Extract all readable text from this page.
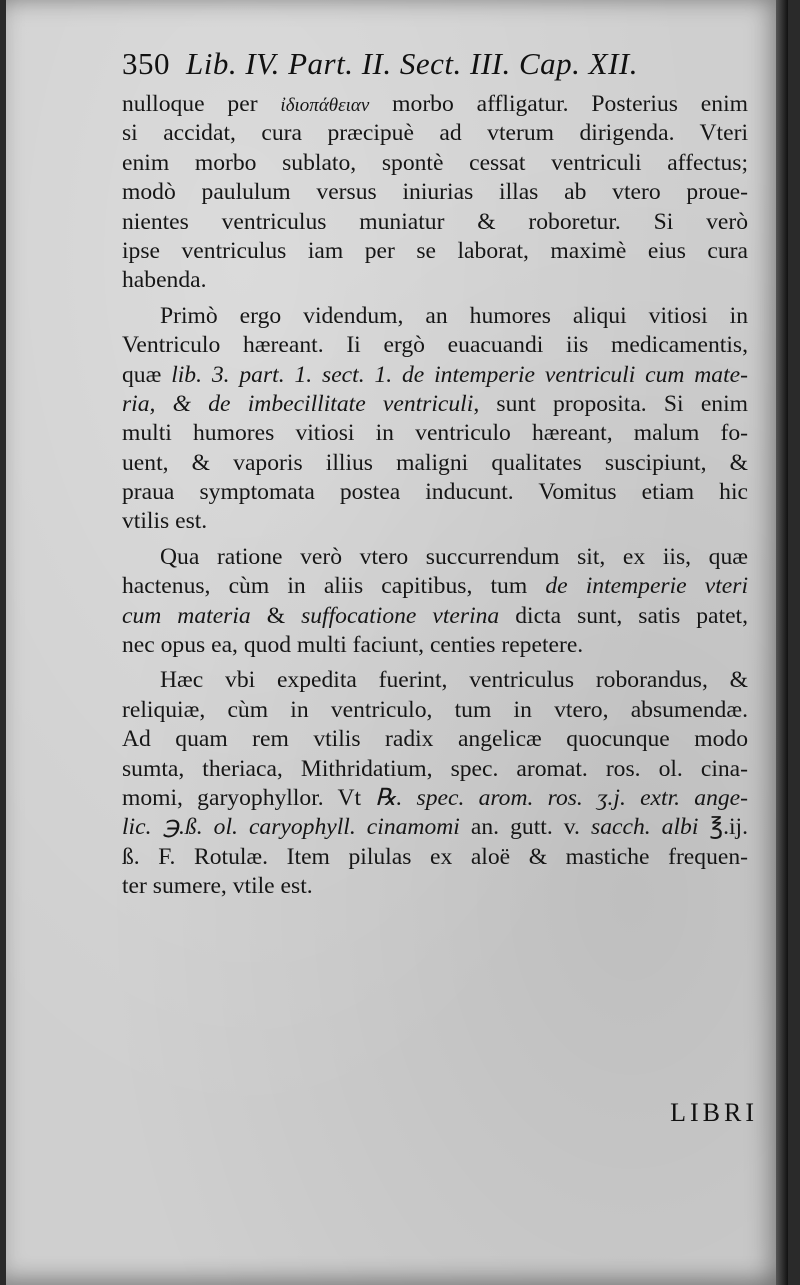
350 Lib. IV. Part. II. Sect. III. Cap. XII.
nulloque per ἰδιοπάθειαν morbo affligatur. Posterius enim
si accidat, cura præcipuè ad vterum dirigenda. Vteri
enim morbo sublato, spontè cessat ventriculi affectus;
modò paululum versus iniurias illas ab vtero proue-
nientes ventriculus muniatur & roboretur. Si verò
ipse ventriculus iam per se laborat, maximè eius cura
habenda.
Primò ergo videndum, an humores aliqui vitiosi in
Ventriculo hæreant. Ii ergò euacuandi iis medicamentis,
quæ lib. 3. part. 1. sect. 1. de intemperie ventriculi cum mate-
ria, & de imbecillitate ventriculi, sunt proposita. Si enim
multi humores vitiosi in ventriculo hæreant, malum fo-
uent, & vaporis illius maligni qualitates suscipiunt, &
praua symptomata postea inducunt. Vomitus etiam hic
vtilis est.
Qua ratione verò vtero succurrendum sit, ex iis, quæ
hactenus, cùm in aliis capitibus, tum de intemperie vteri
cum materia & suffocatione vterina dicta sunt, satis patet,
nec opus ea, quod multi faciunt, centies repetere.
Hæc vbi expedita fuerint, ventriculus roborandus, &
reliquiæ, cùm in ventriculo, tum in vtero, absumendæ.
Ad quam rem vtilis radix angelicæ quocunque modo
sumta, theriaca, Mithridatium, spec. aromat. ros. ol. cina-
momi, garyophyllor. Vt ℞. spec. arom. ros. ʒ.j. extr. ange-
lic. ℈.ß. ol. caryophyll. cinamomi an. gutt. v. sacch. albi ℥.ij.
ß. F. Rotulæ. Item pilulas ex aloë & mastiche frequen-
ter sumere, vtile est.
LIBRI
